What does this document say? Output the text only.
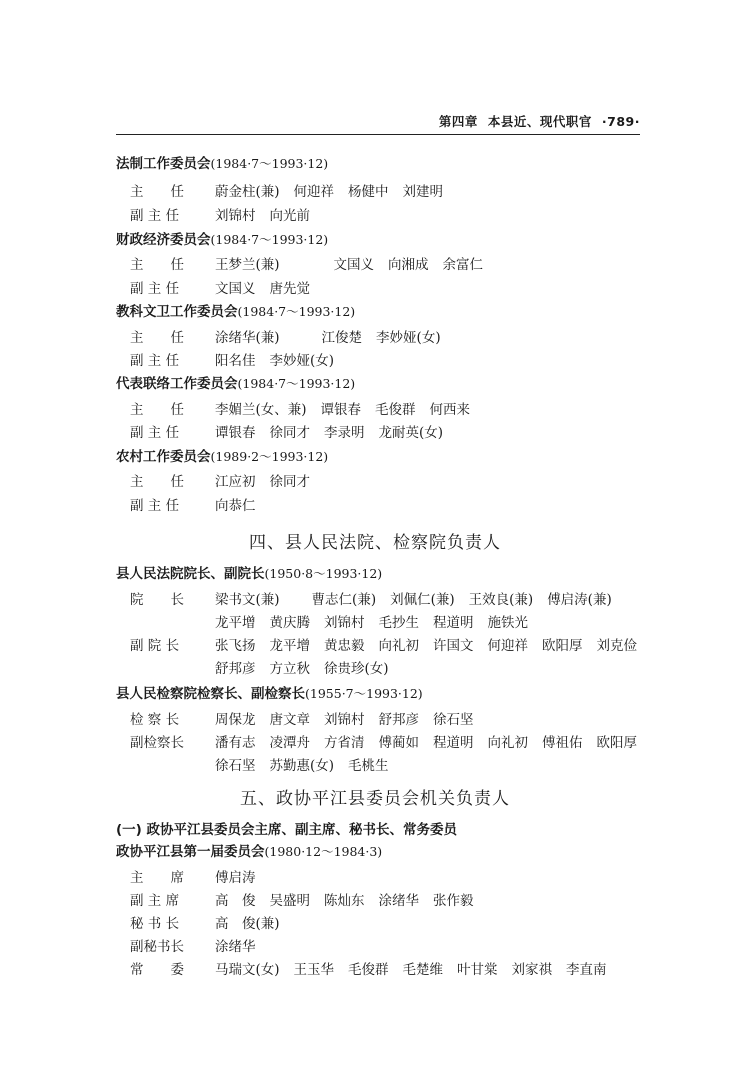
第四章 本县近、现代职官 ·789·
法制工作委员会(1984·7～1993·12)
主　　任	蔚金柱(兼) 何迎祥 杨健中 刘建明
副 主 任	刘锦村 向光前
财政经济委员会(1984·7～1993·12)
主　　任	王梦兰(兼)	文国义 向湘成 余富仁
副 主 任	文国义 唐先觉
教科文卫工作委员会(1984·7～1993·12)
主　　任	涂绪华(兼)	江俊楚 李妙娅(女)
副 主 任	阳名佳 李妙娅(女)
代表联络工作委员会(1984·7～1993·12)
主　　任	李媚兰(女、兼) 谭银春 毛俊群 何西来
副 主 任	谭银春 徐同才 李录明 龙耐英(女)
农村工作委员会(1989·2～1993·12)
主　　任	江应初 徐同才
副 主 任	向恭仁
四、县人民法院、检察院负责人
县人民法院院长、副院长(1950·8～1993·12)
院　　长	梁书文(兼) 曹志仁(兼) 刘佩仁(兼) 王效良(兼) 傅启涛(兼)
龙平增 黄庆腾 刘锦村 毛抄生 程道明 施铁光
副 院 长	张飞扬 龙平增 黄忠毅 向礼初 许国文 何迎祥 欧阳厚 刘克俭
舒邦彦 方立秋 徐贵珍(女)
县人民检察院检察长、副检察长(1955·7～1993·12)
检 察 长	周保龙 唐文章 刘锦村 舒邦彦 徐石坚
副检察长	潘有志 凌潭舟 方省清 傅蔺如 程道明 向礼初 傅祖佑 欧阳厚
徐石坚 苏勤惠(女) 毛桃生
五、政协平江县委员会机关负责人
(一) 政协平江县委员会主席、副主席、秘书长、常务委员
政协平江县第一届委员会(1980·12～1984·3)
主　　席	傅启涛
副 主 席	高　俊 吴盛明 陈灿东 涂绪华 张作毅
秘 书 长	高　俊(兼)
副秘书长	涂绪华
常　　委	马瑞文(女) 王玉华 毛俊群 毛楚维 叶甘棠 刘家祺 李直南
